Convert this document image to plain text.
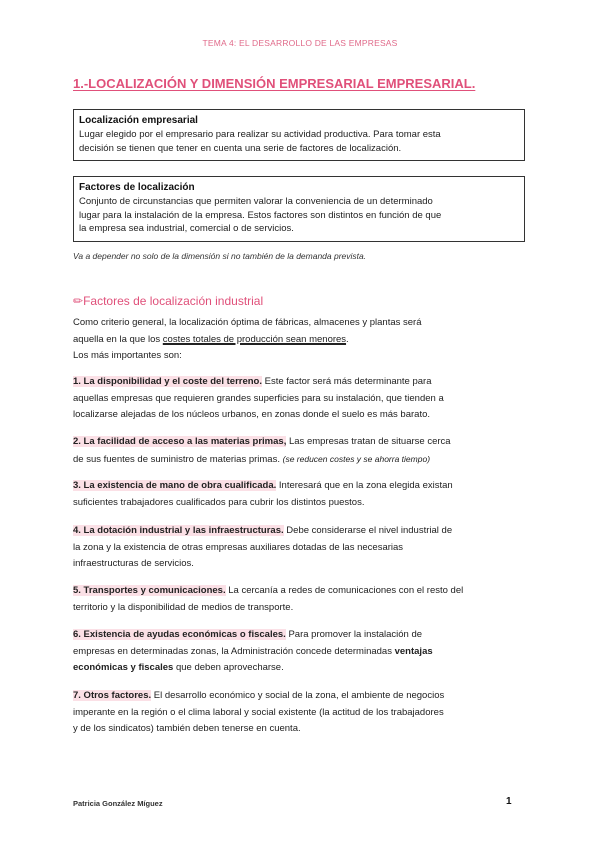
TEMA 4: EL DESARROLLO DE LAS EMPRESAS
1.-LOCALIZACIÓN Y DIMENSIÓN EMPRESARIAL EMPRESARIAL.
Localización empresarial
Lugar elegido por el empresario para realizar su actividad productiva. Para tomar esta
decisión se tienen que tener en cuenta una serie de factores de localización.
Factores de localización
Conjunto de circunstancias que permiten valorar la conveniencia de un determinado
lugar para la instalación de la empresa. Estos factores son distintos en función de que
la empresa sea industrial, comercial o de servicios.
Va a depender no solo de la dimensión si no también de la demanda prevista.
✏Factores de localización industrial
Como criterio general, la localización óptima de fábricas, almacenes y plantas será
aquella en la que los costes totales de producción sean menores.
Los más importantes son:
1. La disponibilidad y el coste del terreno. Este factor será más determinante para
aquellas empresas que requieren grandes superficies para su instalación, que tienden a
localizarse alejadas de los núcleos urbanos, en zonas donde el suelo es más barato.
2. La facilidad de acceso a las materias primas, Las empresas tratan de situarse cerca
de sus fuentes de suministro de materias primas. (se reducen costes y se ahorra tiempo)
3. La existencia de mano de obra cualificada. Interesará que en la zona elegida existan
suficientes trabajadores cualificados para cubrir los distintos puestos.
4. La dotación industrial y las infraestructuras. Debe considerarse el nivel industrial de
la zona y la existencia de otras empresas auxiliares dotadas de las necesarias
infraestructuras de servicios.
5. Transportes y comunicaciones. La cercanía a redes de comunicaciones con el resto del
territorio y la disponibilidad de medios de transporte.
6. Existencia de ayudas económicas o fiscales. Para promover la instalación de
empresas en determinadas zonas, la Administración concede determinadas ventajas
económicas y fiscales que deben aprovecharse.
7. Otros factores. El desarrollo económico y social de la zona, el ambiente de negocios
imperante en la región o el clima laboral y social existente (la actitud de los trabajadores
y de los sindicatos) también deben tenerse en cuenta.
Patricia González Míguez	1
